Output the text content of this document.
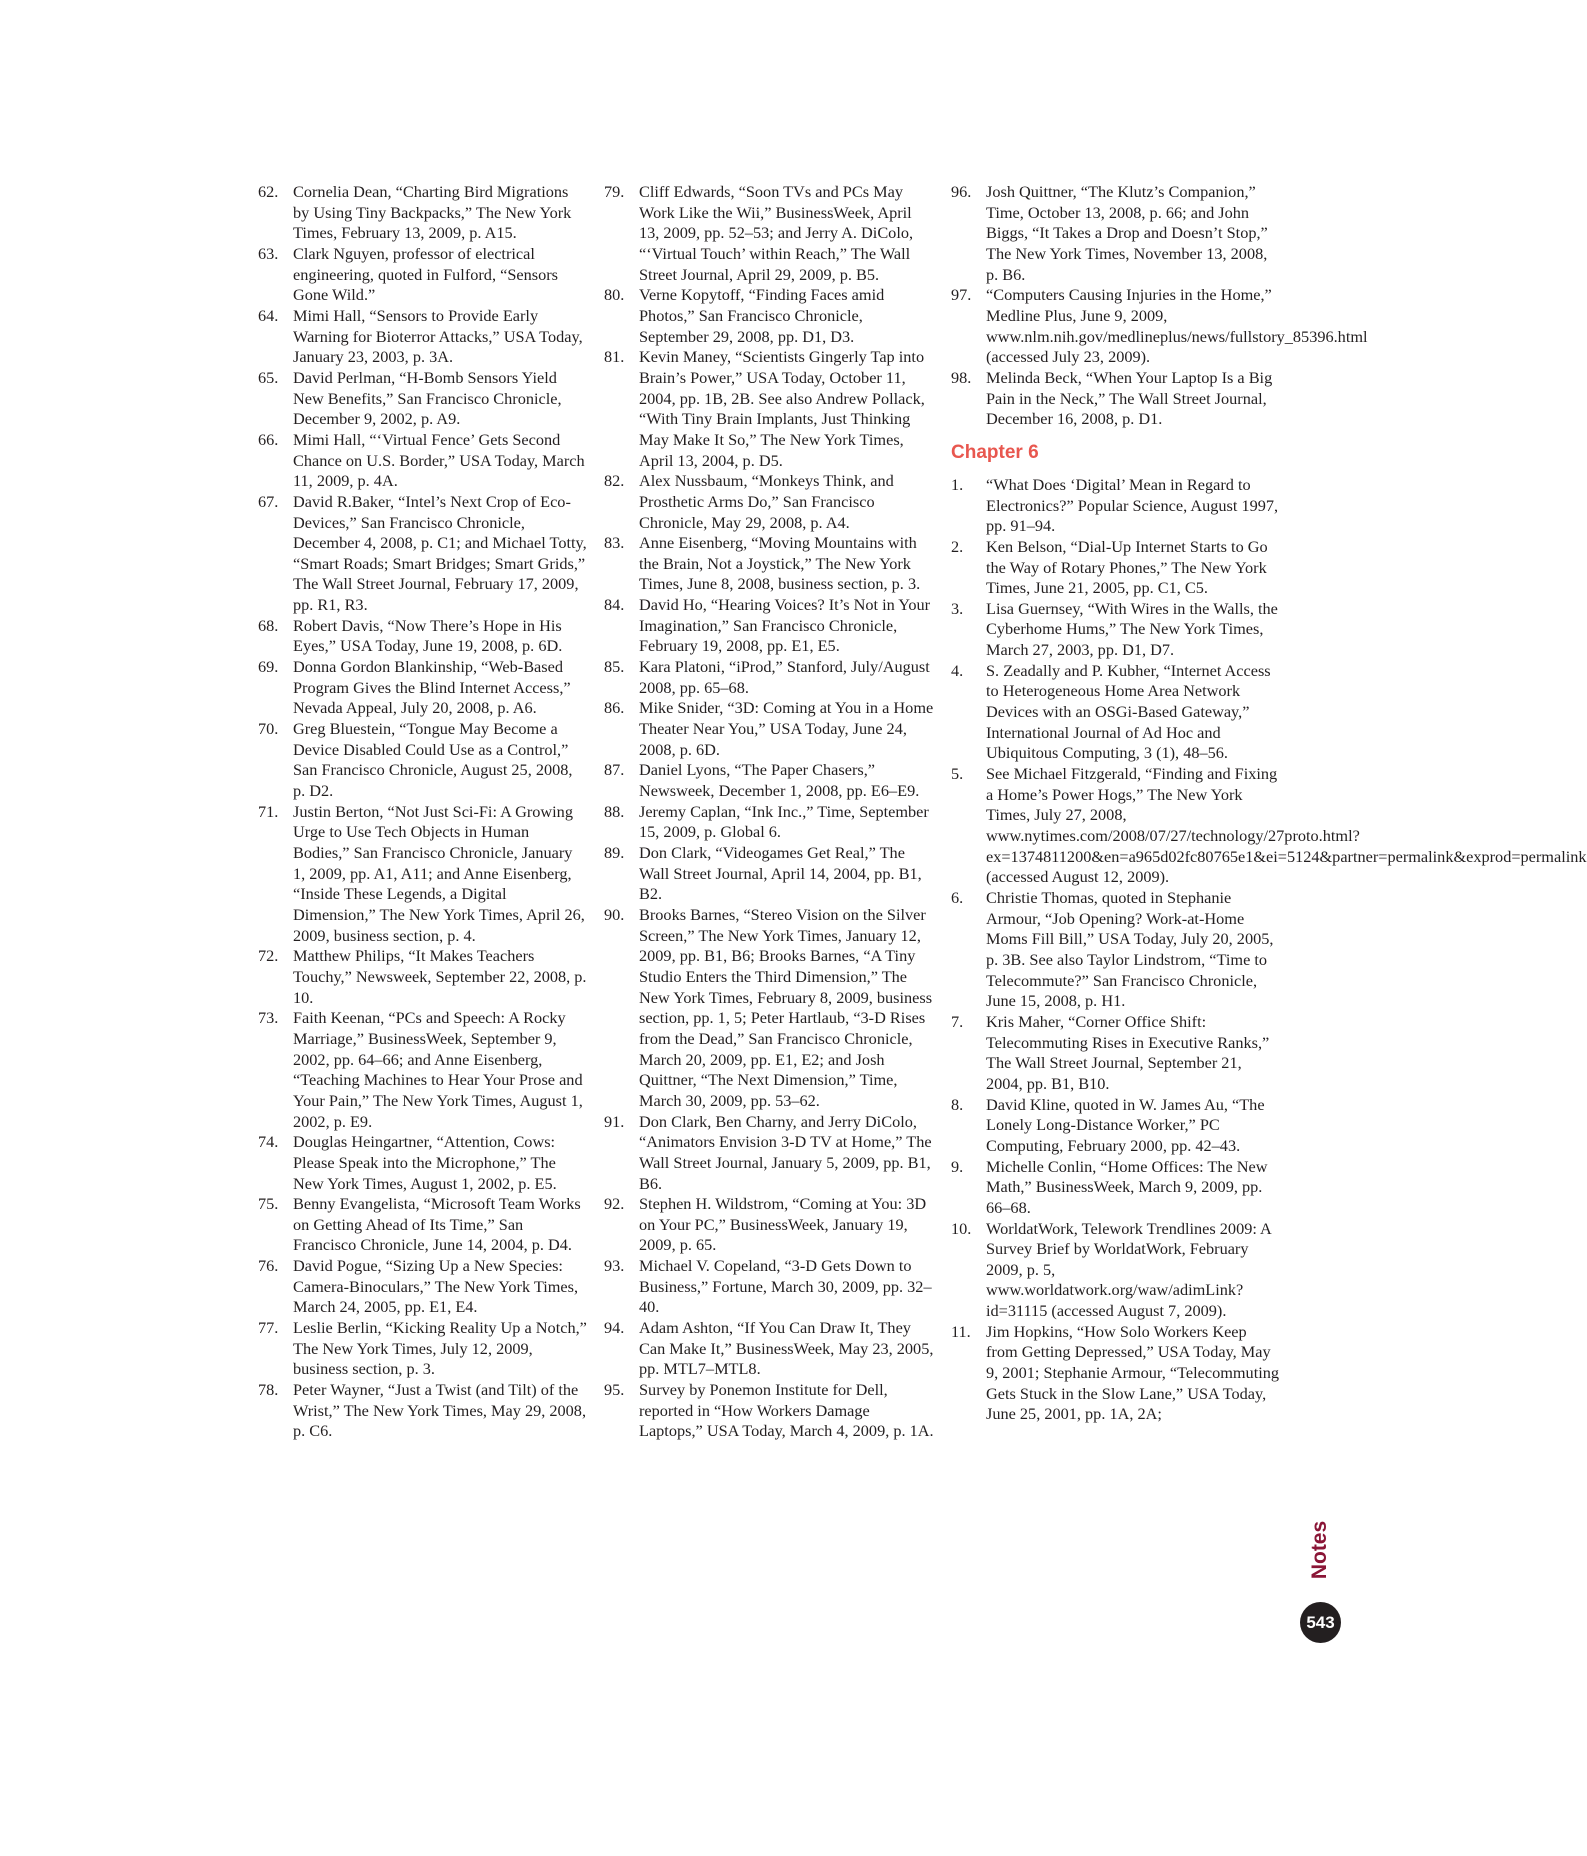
62. Cornelia Dean, “Charting Bird Migrations by Using Tiny Backpacks,” The New York Times, February 13, 2009, p. A15.
63. Clark Nguyen, professor of electrical engineering, quoted in Fulford, “Sensors Gone Wild.”
64. Mimi Hall, “Sensors to Provide Early Warning for Bioterror Attacks,” USA Today, January 23, 2003, p. 3A.
65. David Perlman, “H-Bomb Sensors Yield New Benefits,” San Francisco Chronicle, December 9, 2002, p. A9.
66. Mimi Hall, “‘Virtual Fence’ Gets Second Chance on U.S. Border,” USA Today, March 11, 2009, p. 4A.
67. David R.Baker, “Intel’s Next Crop of Eco-Devices,” San Francisco Chronicle, December 4, 2008, p. C1; and Michael Totty, “Smart Roads; Smart Bridges; Smart Grids,” The Wall Street Journal, February 17, 2009, pp. R1, R3.
68. Robert Davis, “Now There’s Hope in His Eyes,” USA Today, June 19, 2008, p. 6D.
69. Donna Gordon Blankinship, “Web-Based Program Gives the Blind Internet Access,” Nevada Appeal, July 20, 2008, p. A6.
70. Greg Bluestein, “Tongue May Become a Device Disabled Could Use as a Control,” San Francisco Chronicle, August 25, 2008, p. D2.
71. Justin Berton, “Not Just Sci-Fi: A Growing Urge to Use Tech Objects in Human Bodies,” San Francisco Chronicle, January 1, 2009, pp. A1, A11; and Anne Eisenberg, “Inside These Legends, a Digital Dimension,” The New York Times, April 26, 2009, business section, p. 4.
72. Matthew Philips, “It Makes Teachers Touchy,” Newsweek, September 22, 2008, p. 10.
73. Faith Keenan, “PCs and Speech: A Rocky Marriage,” BusinessWeek, September 9, 2002, pp. 64–66; and Anne Eisenberg, “Teaching Machines to Hear Your Prose and Your Pain,” The New York Times, August 1, 2002, p. E9.
74. Douglas Heingartner, “Attention, Cows: Please Speak into the Microphone,” The New York Times, August 1, 2002, p. E5.
75. Benny Evangelista, “Microsoft Team Works on Getting Ahead of Its Time,” San Francisco Chronicle, June 14, 2004, p. D4.
76. David Pogue, “Sizing Up a New Species: Camera-Binoculars,” The New York Times, March 24, 2005, pp. E1, E4.
77. Leslie Berlin, “Kicking Reality Up a Notch,” The New York Times, July 12, 2009, business section, p. 3.
78. Peter Wayner, “Just a Twist (and Tilt) of the Wrist,” The New York Times, May 29, 2008, p. C6.
79. Cliff Edwards, “Soon TVs and PCs May Work Like the Wii,” BusinessWeek, April 13, 2009, pp. 52–53; and Jerry A. DiColo, “‘Virtual Touch’ within Reach,” The Wall Street Journal, April 29, 2009, p. B5.
80. Verne Kopytoff, “Finding Faces amid Photos,” San Francisco Chronicle, September 29, 2008, pp. D1, D3.
81. Kevin Maney, “Scientists Gingerly Tap into Brain’s Power,” USA Today, October 11, 2004, pp. 1B, 2B. See also Andrew Pollack, “With Tiny Brain Implants, Just Thinking May Make It So,” The New York Times, April 13, 2004, p. D5.
82. Alex Nussbaum, “Monkeys Think, and Prosthetic Arms Do,” San Francisco Chronicle, May 29, 2008, p. A4.
83. Anne Eisenberg, “Moving Mountains with the Brain, Not a Joystick,” The New York Times, June 8, 2008, business section, p. 3.
84. David Ho, “Hearing Voices? It’s Not in Your Imagination,” San Francisco Chronicle, February 19, 2008, pp. E1, E5.
85. Kara Platoni, “iProd,” Stanford, July/August 2008, pp. 65–68.
86. Mike Snider, “3D: Coming at You in a Home Theater Near You,” USA Today, June 24, 2008, p. 6D.
87. Daniel Lyons, “The Paper Chasers,” Newsweek, December 1, 2008, pp. E6–E9.
88. Jeremy Caplan, “Ink Inc.,” Time, September 15, 2009, p. Global 6.
89. Don Clark, “Videogames Get Real,” The Wall Street Journal, April 14, 2004, pp. B1, B2.
90. Brooks Barnes, “Stereo Vision on the Silver Screen,” The New York Times, January 12, 2009, pp. B1, B6; Brooks Barnes, “A Tiny Studio Enters the Third Dimension,” The New York Times, February 8, 2009, business section, pp. 1, 5; Peter Hartlaub, “3-D Rises from the Dead,” San Francisco Chronicle, March 20, 2009, pp. E1, E2; and Josh Quittner, “The Next Dimension,” Time, March 30, 2009, pp. 53–62.
91. Don Clark, Ben Charny, and Jerry DiColo, “Animators Envision 3-D TV at Home,” The Wall Street Journal, January 5, 2009, pp. B1, B6.
92. Stephen H. Wildstrom, “Coming at You: 3D on Your PC,” BusinessWeek, January 19, 2009, p. 65.
93. Michael V. Copeland, “3-D Gets Down to Business,” Fortune, March 30, 2009, pp. 32–40.
94. Adam Ashton, “If You Can Draw It, They Can Make It,” BusinessWeek, May 23, 2005, pp. MTL7–MTL8.
95. Survey by Ponemon Institute for Dell, reported in “How Workers Damage Laptops,” USA Today, March 4, 2009, p. 1A.
96. Josh Quittner, “The Klutz’s Companion,” Time, October 13, 2008, p. 66; and John Biggs, “It Takes a Drop and Doesn’t Stop,” The New York Times, November 13, 2008, p. B6.
97. “Computers Causing Injuries in the Home,” Medline Plus, June 9, 2009, www.nlm.nih.gov/medlineplus/news/fullstory_85396.html (accessed July 23, 2009).
98. Melinda Beck, “When Your Laptop Is a Big Pain in the Neck,” The Wall Street Journal, December 16, 2008, p. D1.
Chapter 6
1.	“What Does ‘Digital’ Mean in Regard to Electronics?” Popular Science, August 1997, pp. 91–94.
2.	Ken Belson, “Dial-Up Internet Starts to Go the Way of Rotary Phones,” The New York Times, June 21, 2005, pp. C1, C5.
3.	Lisa Guernsey, “With Wires in the Walls, the Cyberhome Hums,” The New York Times, March 27, 2003, pp. D1, D7.
4.	S. Zeadally and P. Kubher, “Internet Access to Heterogeneous Home Area Network Devices with an OSGi-Based Gateway,” International Journal of Ad Hoc and Ubiquitous Computing, 3 (1), 48–56.
5.	See Michael Fitzgerald, “Finding and Fixing a Home’s Power Hogs,” The New York Times, July 27, 2008, www.nytimes.com/2008/07/27/technology/27proto.html?ex=1374811200&en=a965d02fc80765e1&ei=5124&partner=permalink&exprod=permalink (accessed August 12, 2009).
6.	Christie Thomas, quoted in Stephanie Armour, “Job Opening? Work-at-Home Moms Fill Bill,” USA Today, July 20, 2005, p. 3B. See also Taylor Lindstrom, “Time to Telecommute?” San Francisco Chronicle, June 15, 2008, p. H1.
7.	Kris Maher, “Corner Office Shift: Telecommuting Rises in Executive Ranks,” The Wall Street Journal, September 21, 2004, pp. B1, B10.
8.	David Kline, quoted in W. James Au, “The Lonely Long-Distance Worker,” PC Computing, February 2000, pp. 42–43.
9.	Michelle Conlin, “Home Offices: The New Math,” BusinessWeek, March 9, 2009, pp. 66–68.
10. WorldatWork, Telework Trendlines 2009: A Survey Brief by WorldatWork, February 2009, p. 5, www.worldatwork.org/waw/adimLink?id=31115 (accessed August 7, 2009).
11. Jim Hopkins, “How Solo Workers Keep from Getting Depressed,” USA Today, May 9, 2001; Stephanie Armour, “Telecommuting Gets Stuck in the Slow Lane,” USA Today, June 25, 2001, pp. 1A, 2A;
Notes
543
